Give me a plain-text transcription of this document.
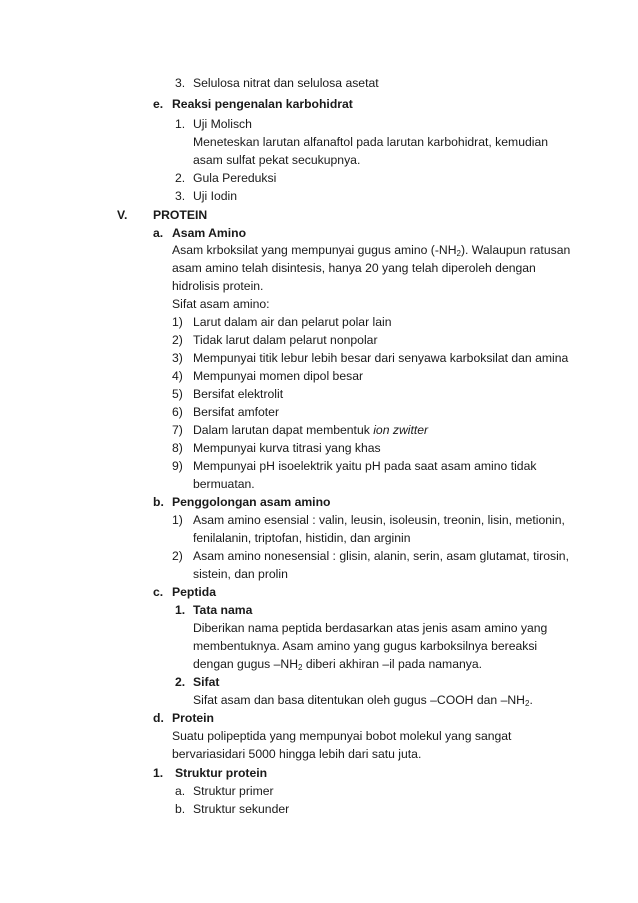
3. Selulosa nitrat dan selulosa asetat
e. Reaksi pengenalan karbohidrat
1. Uji Molisch
Meneteskan larutan alfanaftol pada larutan karbohidrat, kemudian
asam sulfat pekat secukupnya.
2. Gula Pereduksi
3. Uji Iodin
V. PROTEIN
a. Asam Amino
Asam krboksilat yang mempunyai gugus amino $(-NH_2)$. Walaupun ratusan
asam amino telah disintesis, hanya 20 yang telah diperoleh dengan
hidrolisis protein.
Sifat asam amino:
1) Larut dalam air dan pelarut polar lain
2) Tidak larut dalam pelarut nonpolar
3) Mempunyai titik lebur lebih besar dari senyawa karboksilat dan amina
4) Mempunyai momen dipol besar
5) Bersifat elektrolit
6) Bersifat amfoter
7) Dalam larutan dapat membentuk ion zwitter
8) Mempunyai kurva titrasi yang khas
9) Mempunyai pH isoelektrik yaitu pH pada saat asam amino tidak
bermuatan.
b. Penggolongan asam amino
1) Asam amino esensial : valin, leusin, isoleusin, treonin, lisin, metionin,
fenilalanin, triptofan, histidin, dan arginin
2) Asam amino nonesensial : glisin, alanin, serin, asam glutamat, tirosin,
sistein, dan prolin
c. Peptida
1. Tata nama
Diberikan nama peptida berdasarkan atas jenis asam amino yang
membentuknya. Asam amino yang gugus karboksilnya bereaksi
dengan gugus $-NH_2$ diberi akhiran –il pada namanya.
2. Sifat
Sifat asam dan basa ditentukan oleh gugus –COOH dan $-NH_2$.
d. Protein
Suatu polipeptida yang mempunyai bobot molekul yang sangat
bervariasidari 5000 hingga lebih dari satu juta.
1. Struktur protein
a. Struktur primer
b. Struktur sekunder
